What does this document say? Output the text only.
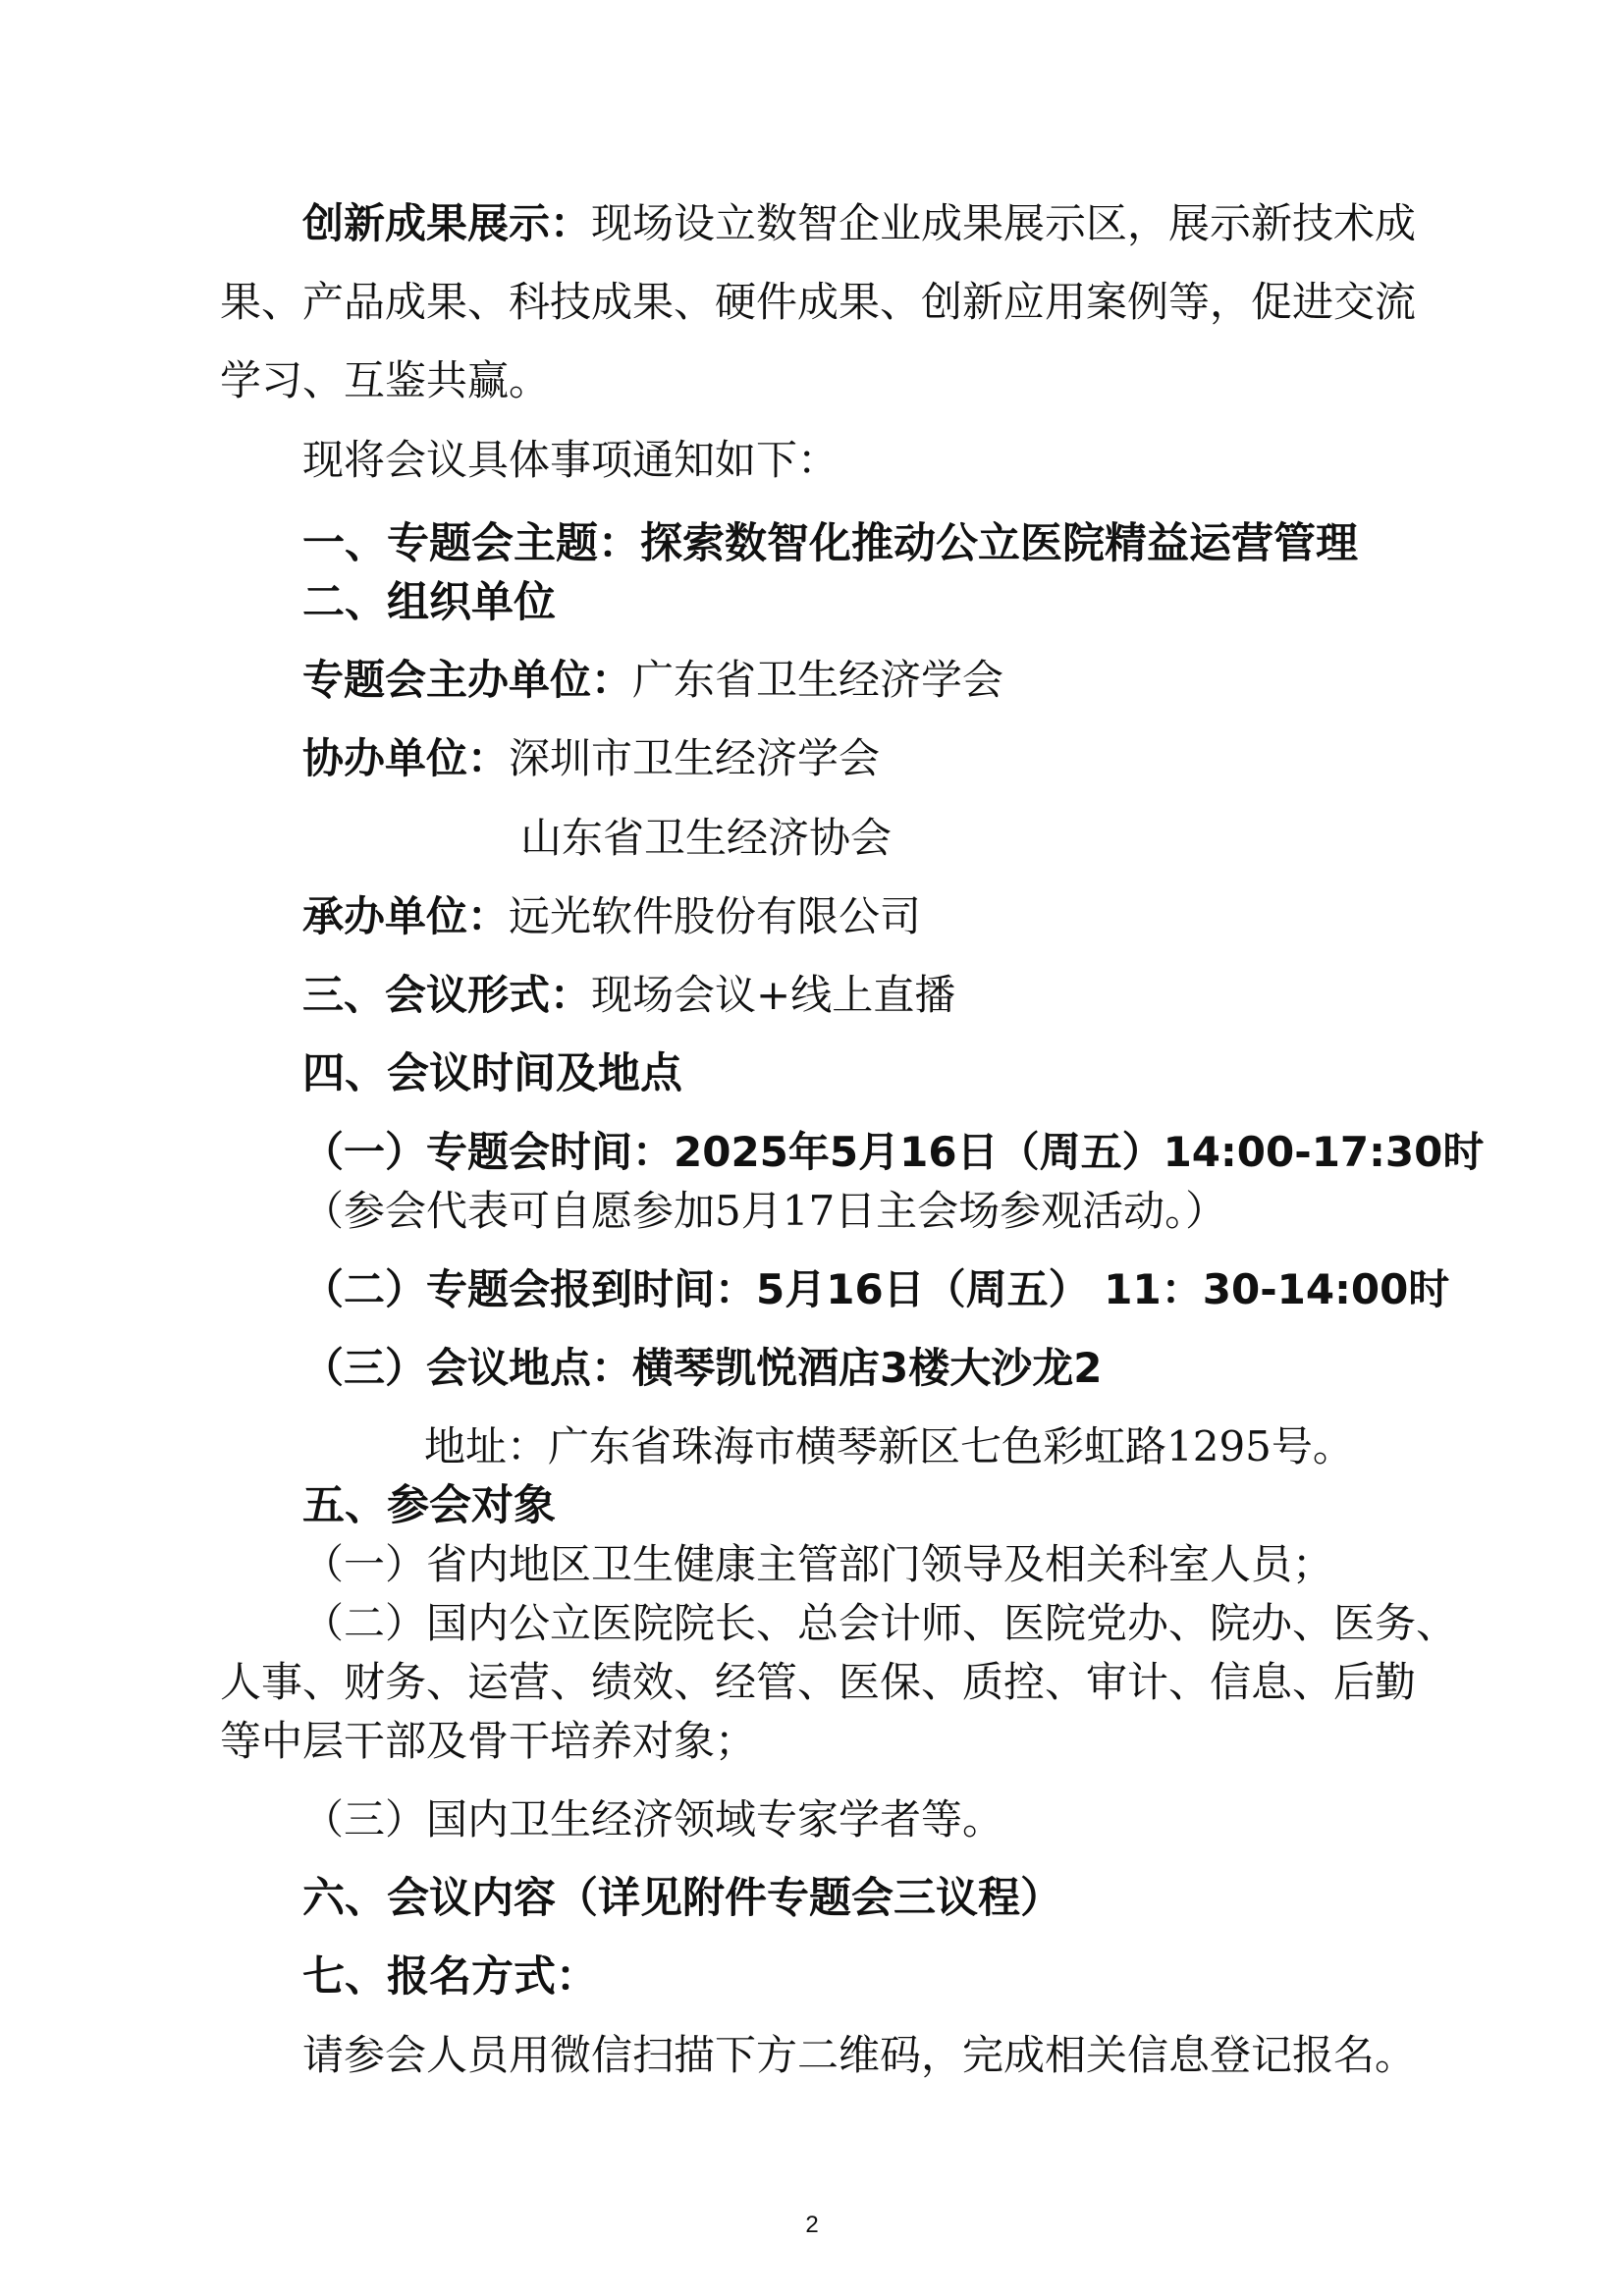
创新成果展示：现场设立数智企业成果展示区，展示新技术成

果、产品成果、科技成果、硬件成果、创新应用案例等，促进交流

学习、互鉴共赢。

现将会议具体事项通知如下：

一、专题会主题：探索数智化推动公立医院精益运营管理

二、组织单位

专题会主办单位：广东省卫生经济学会

协办单位：深圳市卫生经济学会

山东省卫生经济协会

承办单位：远光软件股份有限公司

三、会议形式：现场会议+线上直播

四、会议时间及地点

（一）专题会时间：2025年5月16日（周五）14:00-17:30时

（参会代表可自愿参加5月17日主会场参观活动。）

（二）专题会报到时间：5月16日（周五） 11：30-14:00时

（三）会议地点：横琴凯悦酒店3楼大沙龙2

地址：广东省珠海市横琴新区七色彩虹路1295号。

五、参会对象

（一）省内地区卫生健康主管部门领导及相关科室人员；

（二）国内公立医院院长、总会计师、医院党办、院办、医务、

人事、财务、运营、绩效、经管、医保、质控、审计、信息、后勤

等中层干部及骨干培养对象；

（三）国内卫生经济领域专家学者等。

六、会议内容（详见附件专题会三议程）

七、报名方式：

请参会人员用微信扫描下方二维码，完成相关信息登记报名。

2
